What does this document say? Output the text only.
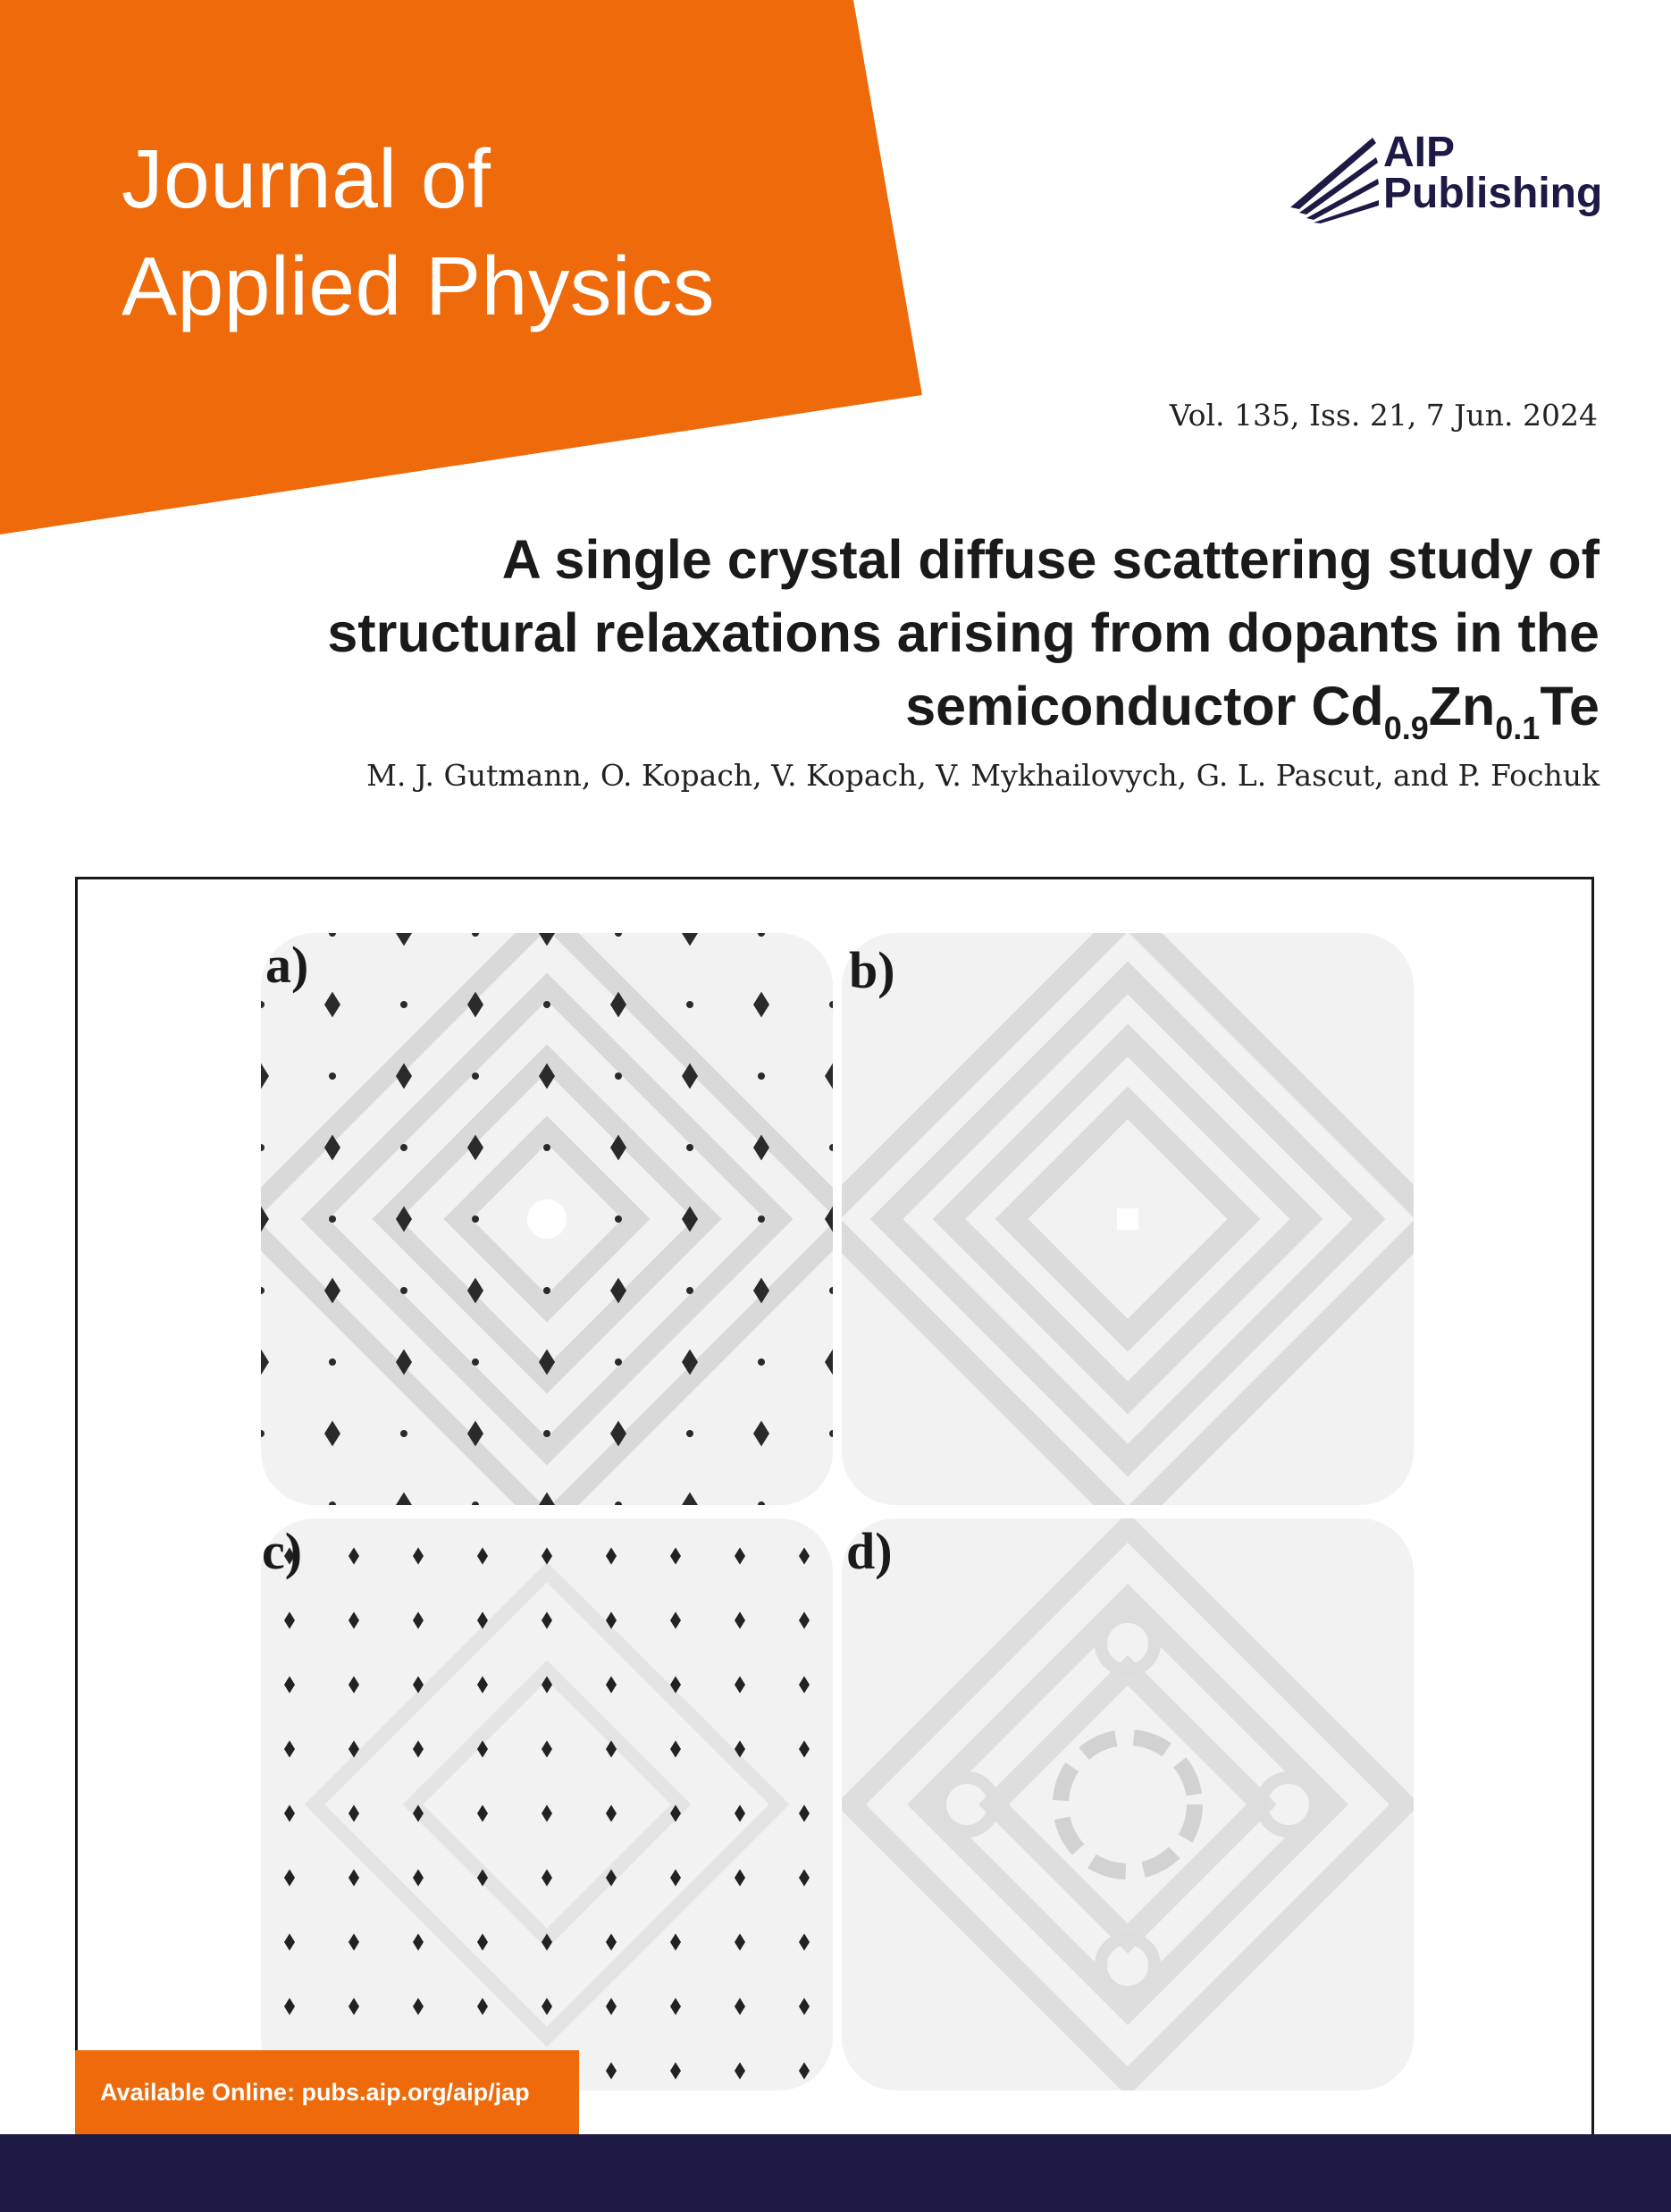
Journal of
Applied Physics
AIP
Publishing
Vol. 135, Iss. 21, 7 Jun. 2024
A single crystal diffuse scattering study of
structural relaxations arising from dopants in the
semiconductor $Cd_{0.9}Zn_{0.1}Te$
M. J. Gutmann, O. Kopach, V. Kopach, V. Mykhailovych, G. L. Pascut, and P. Fochuk
a)	b)
c)	d)
Available Online: pubs.aip.org/aip/jap
